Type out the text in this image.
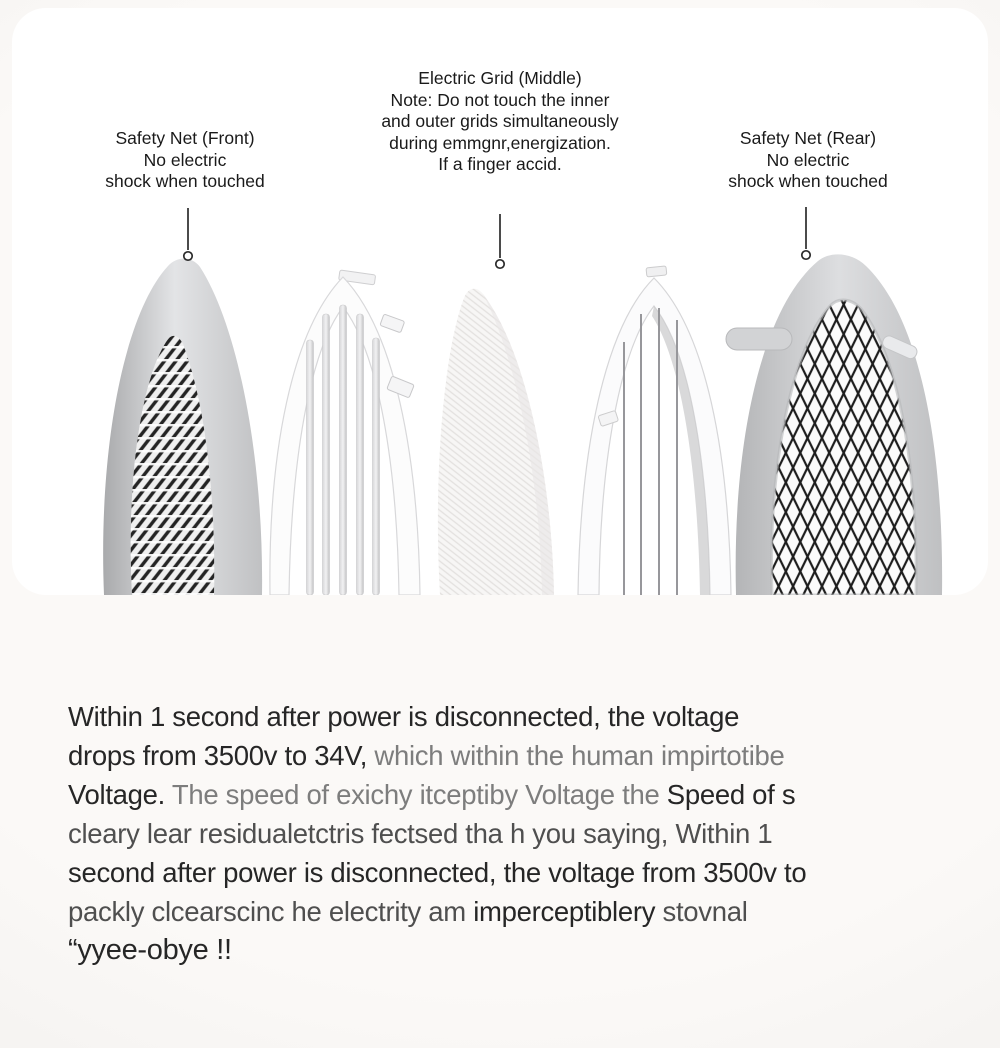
Safety Net (Front)
No electric
shock when touched
Electric Grid (Middle)
Note: Do not touch the inner
and outer grids simultaneously
during emmgnr,energization.
If a finger accid.
Safety Net (Rear)
No electric
shock when touched
Within 1 second after power is disconnected, the voltage
drops from 3500v to 34V, which within the human impirtotibe
Voltage. The speed of exichy itceptiby Voltage the Speed of s
cleary lear residualetctris fectsed tha h you saying, Within 1
second after power is disconnected, the voltage from 3500v to
packly clcearscinc he electrity am imperceptiblery stovnal
“yyee-obye !!
